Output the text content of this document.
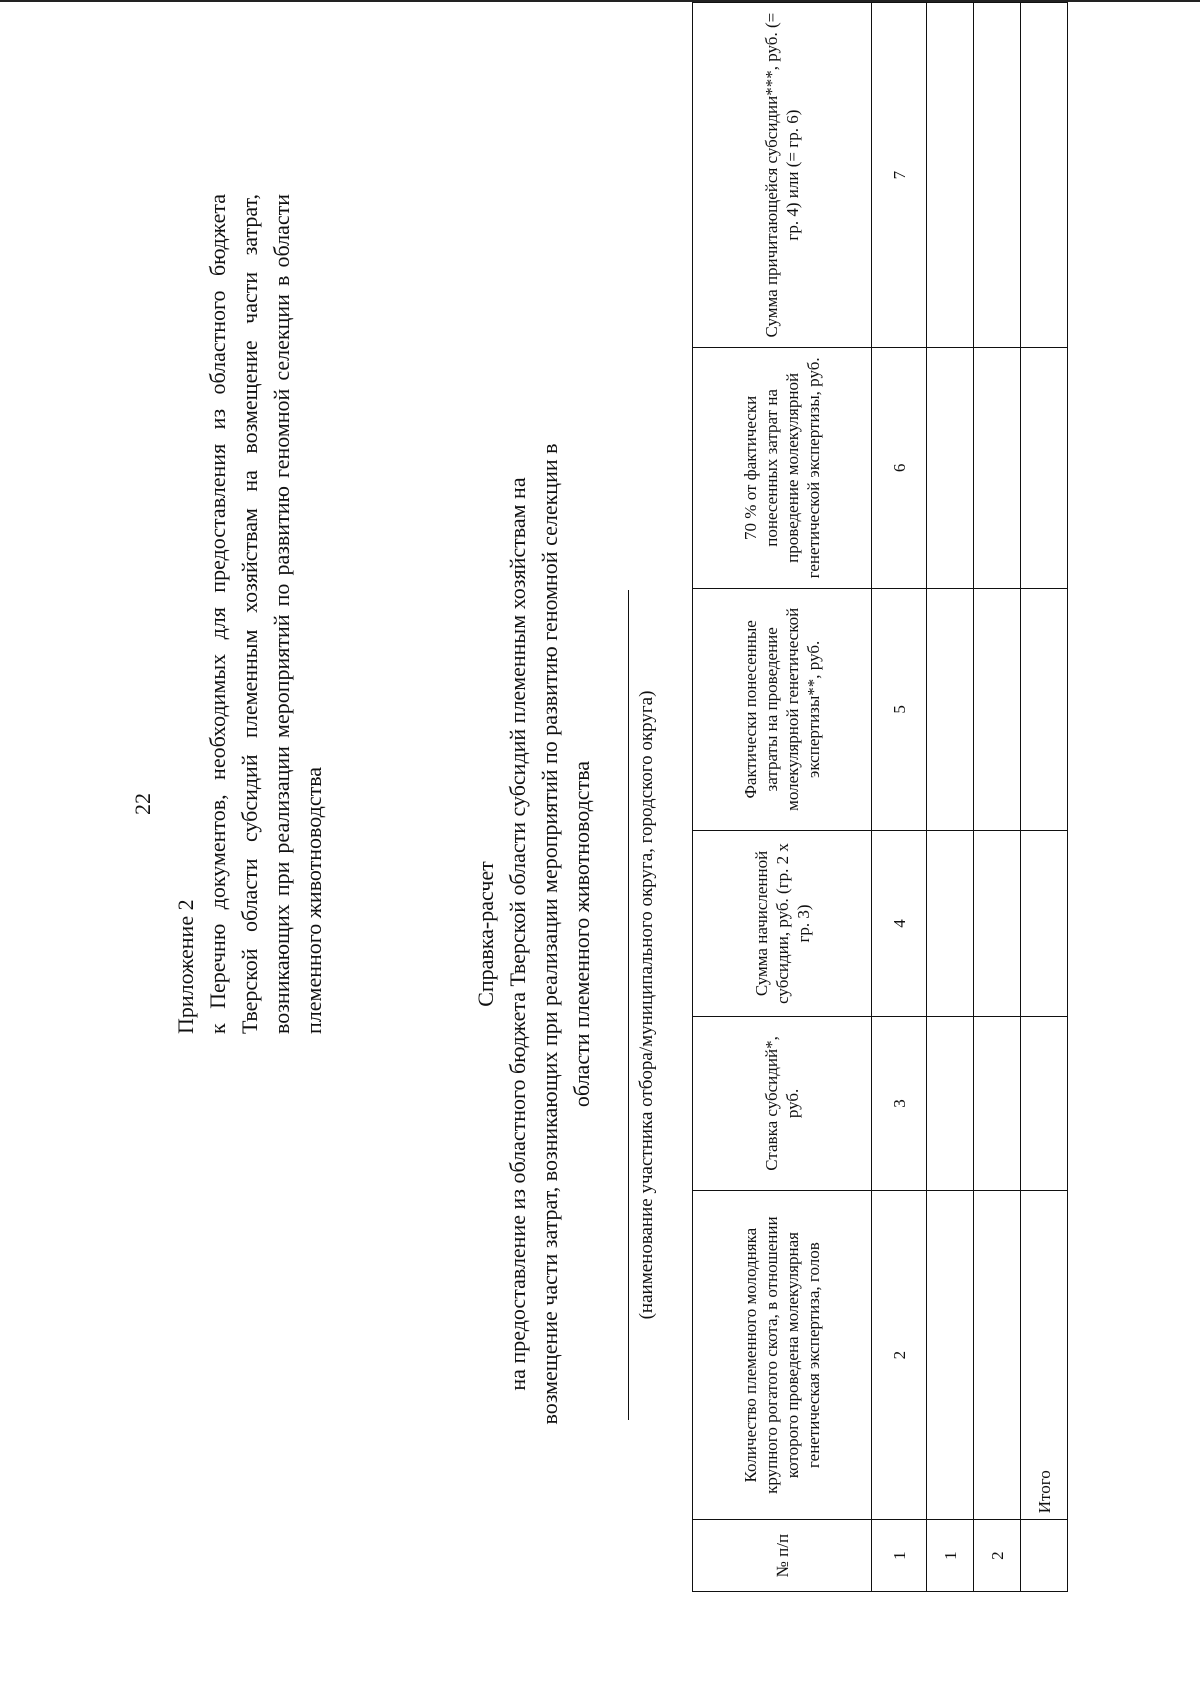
22
Приложение 2 к Перечню документов, необходимых для предоставления из областного бюджета Тверской области субсидий племенным хозяйствам на возмещение части затрат, возникающих при реализации мероприятий по развитию геномной селекции в области племенного животноводства	Справка-расчет на предоставление из областного бюджета Тверской области субсидий племенным хозяйствам на возмещение части затрат, возникающих при реализации мероприятий по развитию геномной селекции в области племенного животноводства (наименование участника отбора/муниципального округа, городского округа)
№ п/п	Количество племенного молодняка крупного рогатого скота, в отношении которого проведена молекулярная генетическая экспертиза, голов	Ставка субсидий*, руб.	Сумма начисленной субсидии, руб. (гр. 2 х гр. 3)	Фактически понесенные затраты на проведение молекулярной генетической экспертизы**, руб.	70 % от фактически понесенных затрат на проведение молекулярной генетической экспертизы, руб.	Сумма причитающейся субсидии***, руб. (= гр. 4) или (= гр. 6)
1	2	3	4	5	6	7
1						
2						
	Итого					
